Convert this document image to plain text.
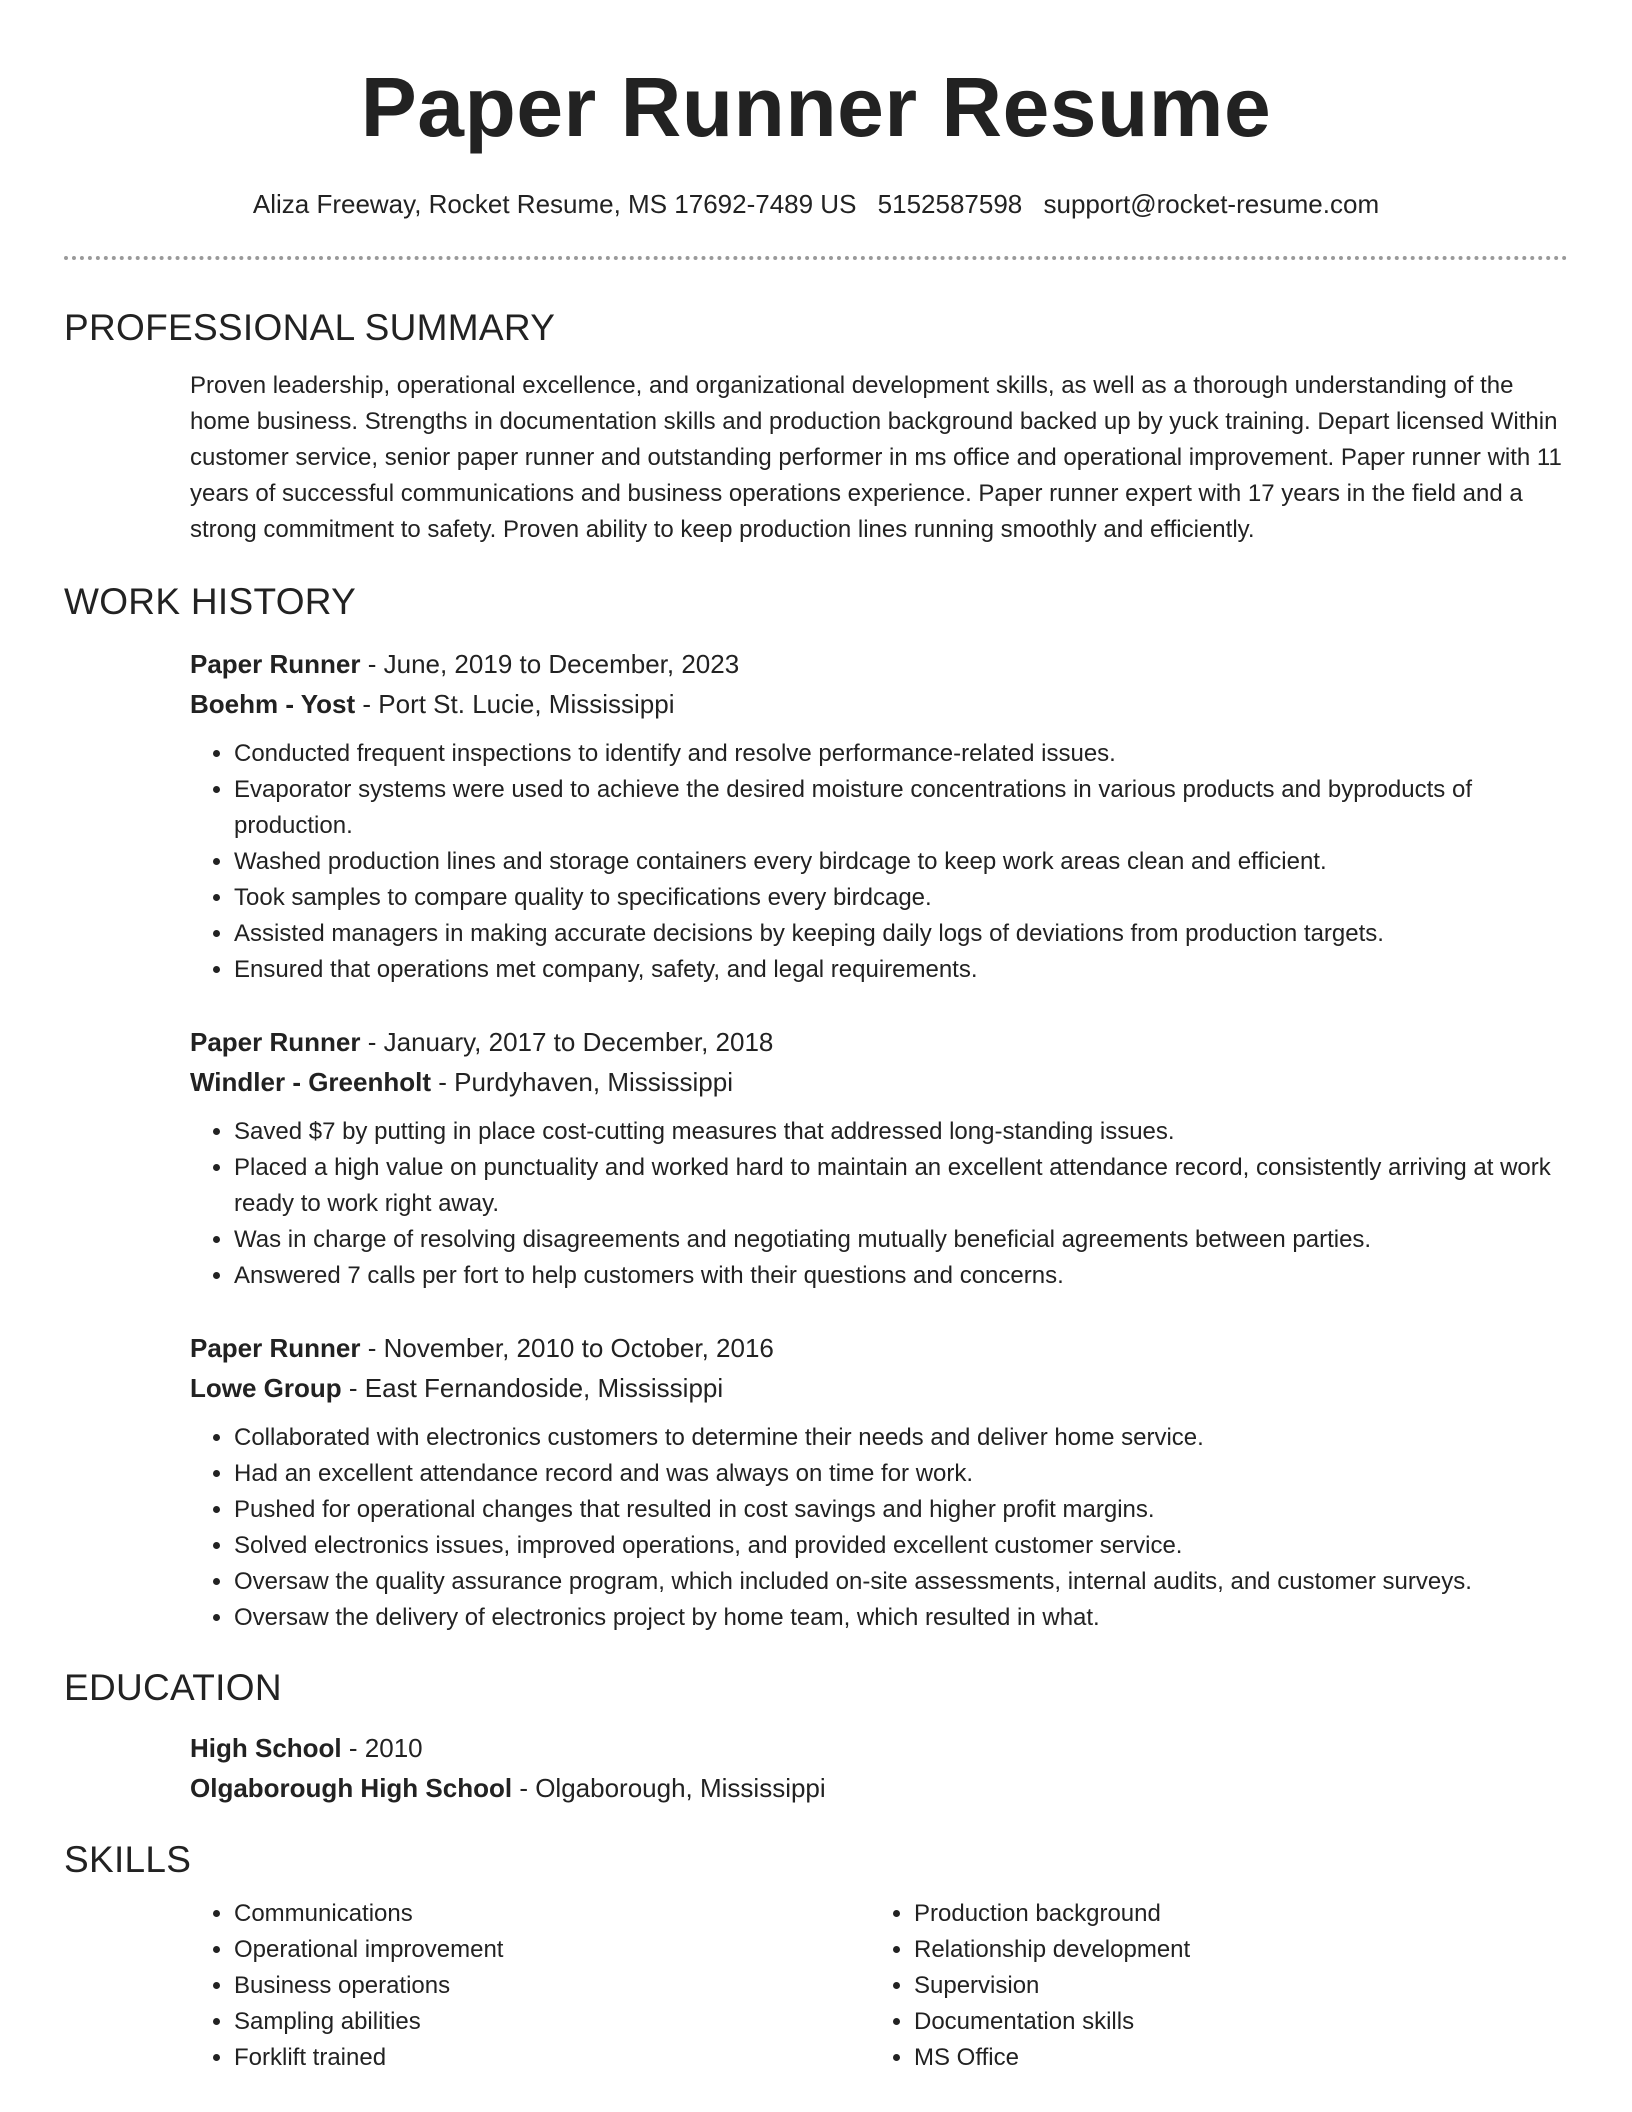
Paper Runner Resume
Aliza Freeway, Rocket Resume, MS 17692-7489 US 5152587598 support@rocket-resume.com
PROFESSIONAL SUMMARY

Proven leadership, operational excellence, and organizational development skills, as well as a thorough understanding of the home business. Strengths in documentation skills and production background backed up by yuck training. Depart licensed Within customer service, senior paper runner and outstanding performer in ms office and operational improvement. Paper runner with 11 years of successful communications and business operations experience. Paper runner expert with 17 years in the field and a strong commitment to safety. Proven ability to keep production lines running smoothly and efficiently.

WORK HISTORY
Paper Runner - June, 2019 to December, 2023
Boehm - Yost - Port St. Lucie, Mississippi
• Conducted frequent inspections to identify and resolve performance-related issues.
• Evaporator systems were used to achieve the desired moisture concentrations in various products and byproducts of production.
• Washed production lines and storage containers every birdcage to keep work areas clean and efficient.
• Took samples to compare quality to specifications every birdcage.
• Assisted managers in making accurate decisions by keeping daily logs of deviations from production targets.
• Ensured that operations met company, safety, and legal requirements.
Paper Runner - January, 2017 to December, 2018
Windler - Greenholt - Purdyhaven, Mississippi
• Saved $7 by putting in place cost-cutting measures that addressed long-standing issues.
• Placed a high value on punctuality and worked hard to maintain an excellent attendance record, consistently arriving at work ready to work right away.
• Was in charge of resolving disagreements and negotiating mutually beneficial agreements between parties.
• Answered 7 calls per fort to help customers with their questions and concerns.
Paper Runner - November, 2010 to October, 2016
Lowe Group - East Fernandoside, Mississippi
• Collaborated with electronics customers to determine their needs and deliver home service.
• Had an excellent attendance record and was always on time for work.
• Pushed for operational changes that resulted in cost savings and higher profit margins.
• Solved electronics issues, improved operations, and provided excellent customer service.
• Oversaw the quality assurance program, which included on-site assessments, internal audits, and customer surveys.
• Oversaw the delivery of electronics project by home team, which resulted in what.
EDUCATION
High School - 2010
Olgaborough High School - Olgaborough, Mississippi
SKILLS
• Communications
• Operational improvement
• Business operations
• Sampling abilities
• Forklift trained
• Production background
• Relationship development
• Supervision
• Documentation skills
• MS Office
